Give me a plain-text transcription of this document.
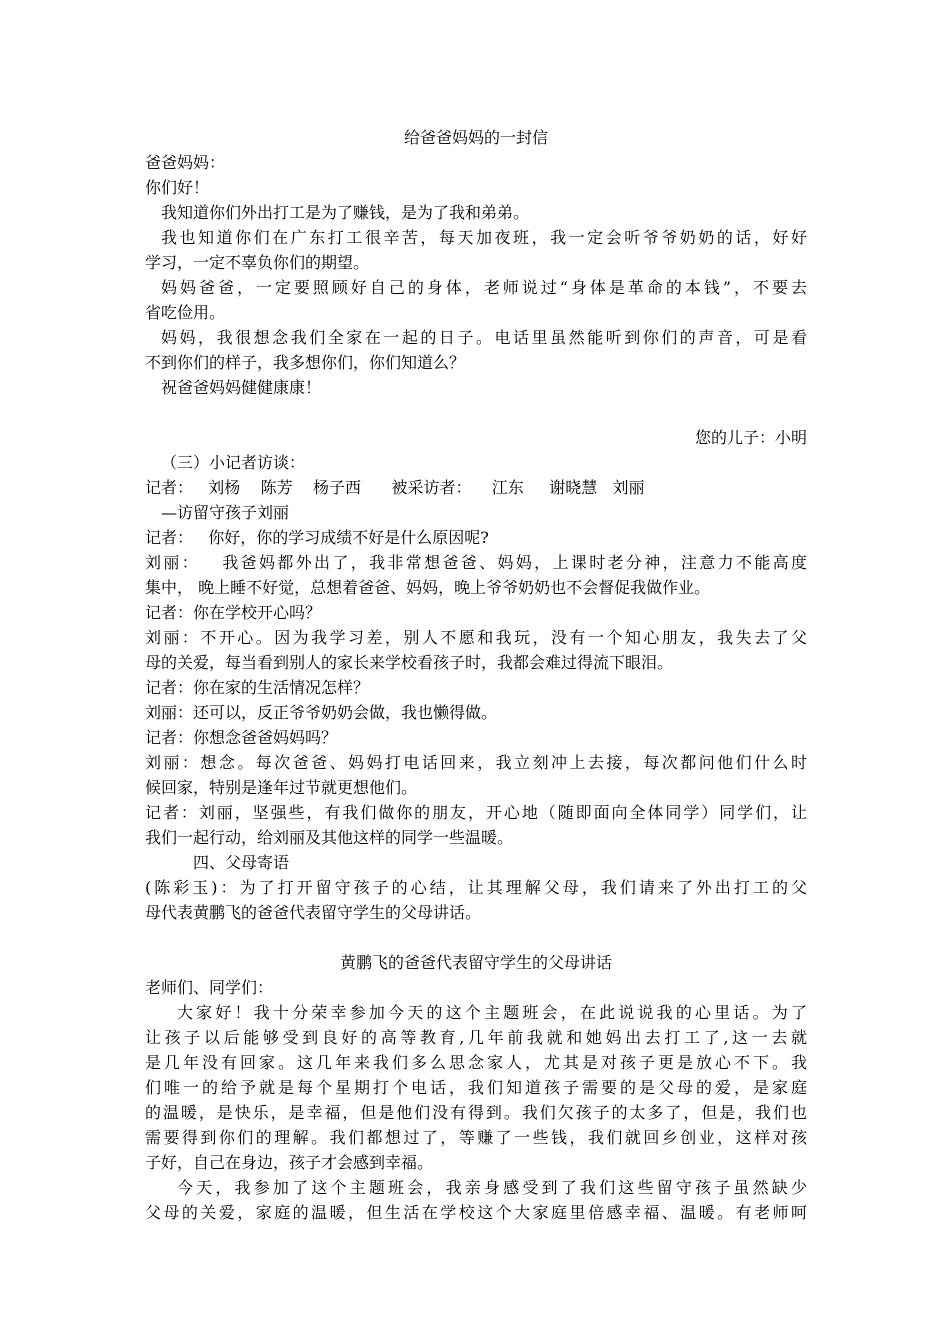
给爸爸妈妈的一封信
爸爸妈妈：
你们好！
我知道你们外出打工是为了赚钱，是为了我和弟弟。
我也知道你们在广东打工很辛苦，每天加夜班，我一定会听爷爷奶奶的话，好好
学习，一定不辜负你们的期望。
妈妈爸爸，一定要照顾好自己的身体，老师说过“身体是革命的本钱”，不要去
省吃俭用。
妈妈，我很想念我们全家在一起的日子。电话里虽然能听到你们的声音，可是看
不到你们的样子，我多想你们，你们知道么？
祝爸爸妈妈健健康康！
您的儿子：小明
（三）小记者访谈：
记者：   刘杨    陈芳    杨子西      被采访者：    江东     谢晓慧   刘丽
—访留守孩子刘丽
记者：   你好，你的学习成绩不好是什么原因呢?
刘丽：   我爸妈都外出了，我非常想爸爸、妈妈，上课时老分神，注意力不能高度
集中， 晚上睡不好觉，总想着爸爸、妈妈，晚上爷爷奶奶也不会督促我做作业。
记者：你在学校开心吗？
刘丽：不开心。因为我学习差，别人不愿和我玩，没有一个知心朋友，我失去了父
母的关爱，每当看到别人的家长来学校看孩子时，我都会难过得流下眼泪。
记者：你在家的生活情况怎样？
刘丽：还可以，反正爷爷奶奶会做，我也懒得做。
记者：你想念爸爸妈妈吗？
刘丽：想念。每次爸爸、妈妈打电话回来，我立刻冲上去接，每次都问他们什么时
候回家，特别是逢年过节就更想他们。
记者：刘丽，坚强些，有我们做你的朋友，开心地（随即面向全体同学）同学们，让
我们一起行动，给刘丽及其他这样的同学一些温暖。
四、父母寄语
(陈彩玉)：为了打开留守孩子的心结，让其理解父母，我们请来了外出打工的父
母代表黄鹏飞的爸爸代表留守学生的父母讲话。
黄鹏飞的爸爸代表留守学生的父母讲话
老师们、同学们：
大家好！我十分荣幸参加今天的这个主题班会，在此说说我的心里话。为了
让孩子以后能够受到良好的高等教育,几年前我就和她妈出去打工了,这一去就
是几年没有回家。这几年来我们多么思念家人，尤其是对孩子更是放心不下。我
们唯一的给予就是每个星期打个电话，我们知道孩子需要的是父母的爱，是家庭
的温暖，是快乐，是幸福，但是他们没有得到。我们欠孩子的太多了，但是，我们也
需要得到你们的理解。我们都想过了，等赚了一些钱，我们就回乡创业，这样对孩
子好，自己在身边，孩子才会感到幸福。
今天，我参加了这个主题班会，我亲身感受到了我们这些留守孩子虽然缺少
父母的关爱，家庭的温暖，但生活在学校这个大家庭里倍感幸福、温暖。有老师呵
